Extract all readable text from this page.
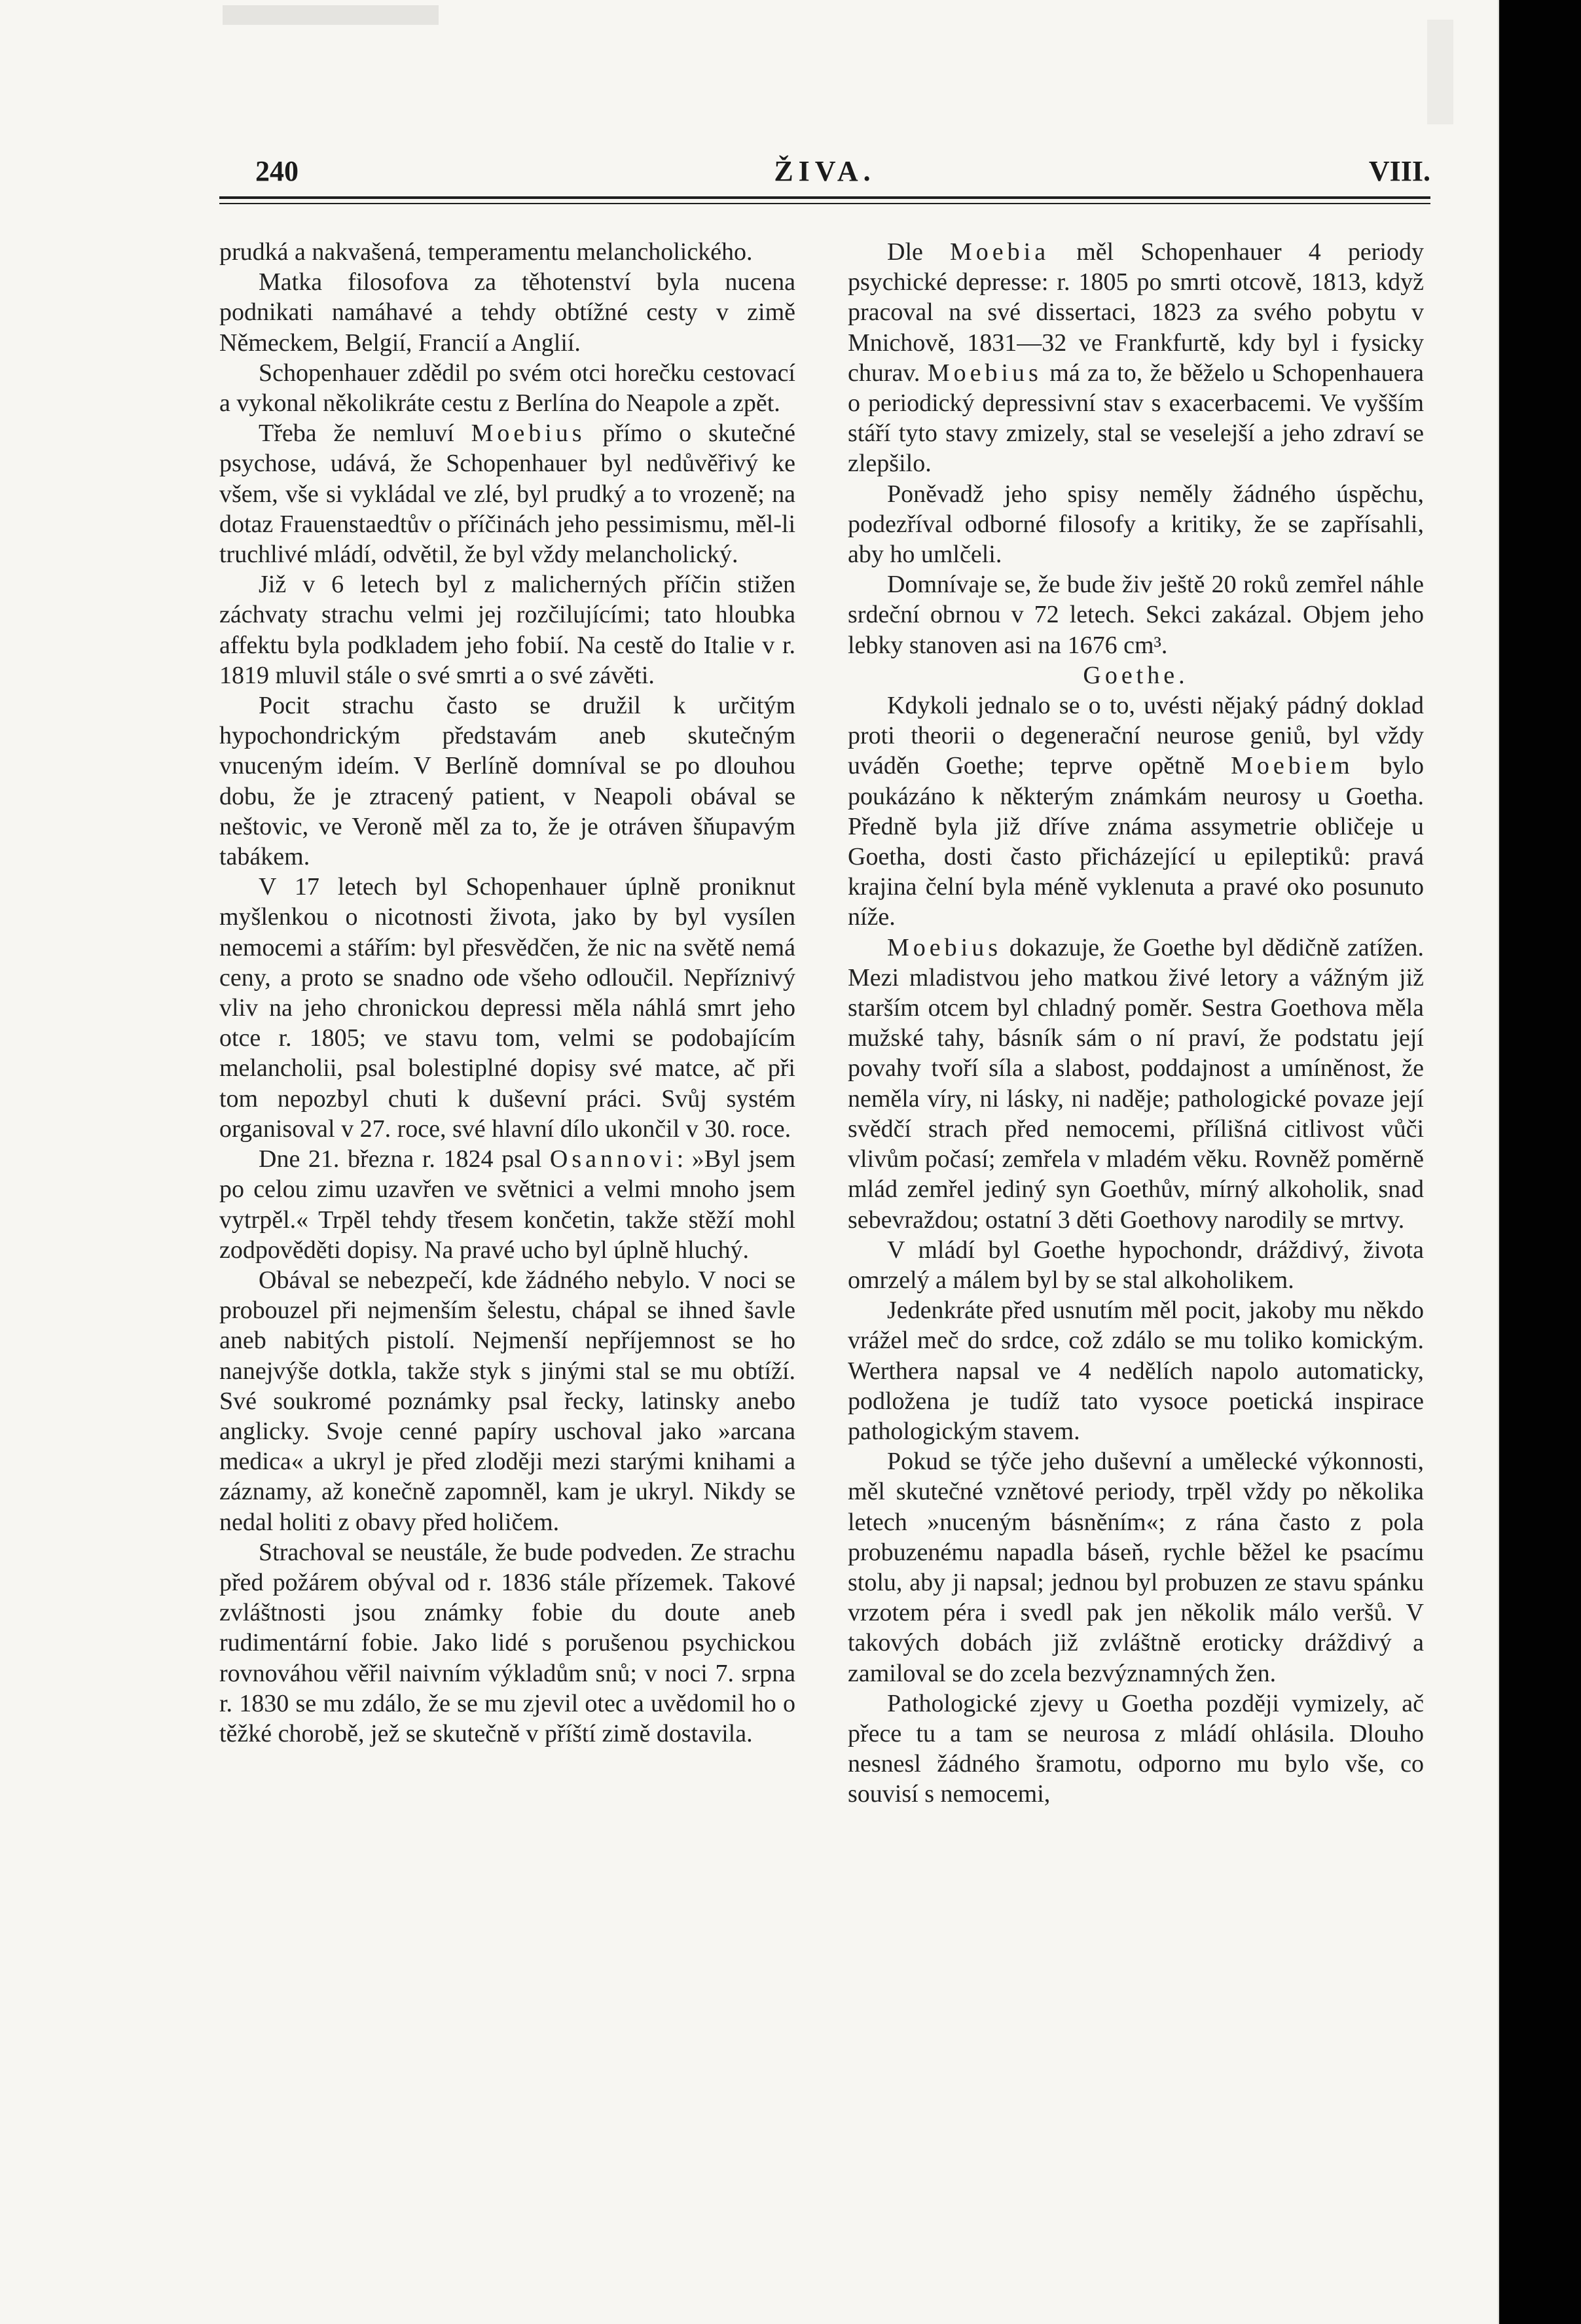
240	ŽIVA.	VIII.

prudká a nakvašená, temperamentu melancholického.

Matka filosofova za těhotenství byla nucena podnikati namáhavé a tehdy obtížné cesty v zimě Německem, Belgií, Francií a Anglií.

Schopenhauer zdědil po svém otci horečku cestovací a vykonal několikráte cestu z Berlína do Neapole a zpět.

Třeba že nemluví Moebius přímo o skutečné psychose, udává, že Schopenhauer byl nedůvěřivý ke všem, vše si vykládal ve zlé, byl prudký a to vrozeně; na dotaz Frauenstaedtův o příčinách jeho pessimismu, měl-li truchlivé mládí, odvětil, že byl vždy melancholický.

Již v 6 letech byl z malicherných příčin stižen záchvaty strachu velmi jej rozčilujícími; tato hloubka affektu byla podkladem jeho fobií. Na cestě do Italie v r. 1819 mluvil stále o své smrti a o své závěti.

Pocit strachu často se družil k určitým hypochondrickým představám aneb skutečným vnuceným ideím. V Berlíně domníval se po dlouhou dobu, že je ztracený patient, v Neapoli obával se neštovic, ve Veroně měl za to, že je otráven šňupavým tabákem.

V 17 letech byl Schopenhauer úplně proniknut myšlenkou o nicotnosti života, jako by byl vysílen nemocemi a stářím: byl přesvědčen, že nic na světě nemá ceny, a proto se snadno ode všeho odloučil. Nepříznivý vliv na jeho chronickou depressi měla náhlá smrt jeho otce r. 1805; ve stavu tom, velmi se podobajícím melancholii, psal bolestiplné dopisy své matce, ač při tom nepozbyl chuti k duševní práci. Svůj systém organisoval v 27. roce, své hlavní dílo ukončil v 30. roce.

Dne 21. března r. 1824 psal Osannovi: »Byl jsem po celou zimu uzavřen ve světnici a velmi mnoho jsem vytrpěl.« Trpěl tehdy třesem končetin, takže stěží mohl zodpověděti dopisy. Na pravé ucho byl úplně hluchý.

Obával se nebezpečí, kde žádného nebylo. V noci se probouzel při nejmenším šelestu, chápal se ihned šavle aneb nabitých pistolí. Nejmenší nepříjemnost se ho nanejvýše dotkla, takže styk s jinými stal se mu obtíží. Své soukromé poznámky psal řecky, latinsky anebo anglicky. Svoje cenné papíry uschoval jako »arcana medica« a ukryl je před zloději mezi starými knihami a záznamy, až konečně zapomněl, kam je ukryl. Nikdy se nedal holiti z obavy před holičem.

Strachoval se neustále, že bude podveden. Ze strachu před požárem obýval od r. 1836 stále přízemek. Takové zvláštnosti jsou známky fobie du doute aneb rudimentární fobie. Jako lidé s porušenou psychickou rovnováhou věřil naivním výkladům snů; v noci 7. srpna r. 1830 se mu zdálo, že se mu zjevil otec a uvědomil ho o těžké chorobě, jež se skutečně v příští zimě dostavila.

Dle Moebia měl Schopenhauer 4 periody psychické depresse: r. 1805 po smrti otcově, 1813, když pracoval na své dissertaci, 1823 za svého pobytu v Mnichově, 1831—32 ve Frankfurtě, kdy byl i fysicky churav. Moebius má za to, že běželo u Schopenhauera o periodický depressivní stav s exacerbacemi. Ve vyšším stáří tyto stavy zmizely, stal se veselejší a jeho zdraví se zlepšilo.

Poněvadž jeho spisy neměly žádného úspěchu, podezříval odborné filosofy a kritiky, že se zapřísahli, aby ho umlčeli.

Domnívaje se, že bude živ ještě 20 roků zemřel náhle srdeční obrnou v 72 letech. Sekci zakázal. Objem jeho lebky stanoven asi na 1676 cm³.

Goethe.

Kdykoli jednalo se o to, uvésti nějaký pádný doklad proti theorii o degenerační neurose geniů, byl vždy uváděn Goethe; teprve opětně Moebiem bylo poukázáno k některým známkám neurosy u Goetha. Předně byla již dříve známa assymetrie obličeje u Goetha, dosti často přicházející u epileptiků: pravá krajina čelní byla méně vyklenuta a pravé oko posunuto níže.

Moebius dokazuje, že Goethe byl dědičně zatížen. Mezi mladistvou jeho matkou živé letory a vážným již starším otcem byl chladný poměr. Sestra Goethova měla mužské tahy, básník sám o ní praví, že podstatu její povahy tvoří síla a slabost, poddajnost a umíněnost, že neměla víry, ni lásky, ni naděje; pathologické povaze její svědčí strach před nemocemi, přílišná citlivost vůči vlivům počasí; zemřela v mladém věku. Rovněž poměrně mlád zemřel jediný syn Goethův, mírný alkoholik, snad sebevraždou; ostatní 3 děti Goethovy narodily se mrtvy.

V mládí byl Goethe hypochondr, dráždivý, života omrzelý a málem byl by se stal alkoholikem.

Jedenkráte před usnutím měl pocit, jakoby mu někdo vrážel meč do srdce, což zdálo se mu toliko komickým. Werthera napsal ve 4 nedělích napolo automaticky, podložena je tudíž tato vysoce poetická inspirace pathologickým stavem.

Pokud se týče jeho duševní a umělecké výkonnosti, měl skutečné vznětové periody, trpěl vždy po několika letech »nuceným básněním«; z rána často z pola probuzenému napadla báseň, rychle běžel ke psacímu stolu, aby ji napsal; jednou byl probuzen ze stavu spánku vrzotem péra i svedl pak jen několik málo veršů. V takových dobách již zvláštně eroticky dráždivý a zamiloval se do zcela bezvýznamných žen.

Pathologické zjevy u Goetha později vymizely, ač přece tu a tam se neurosa z mládí ohlásila. Dlouho nesnesl žádného šramotu, odporno mu bylo vše, co souvisí s nemocemi,
